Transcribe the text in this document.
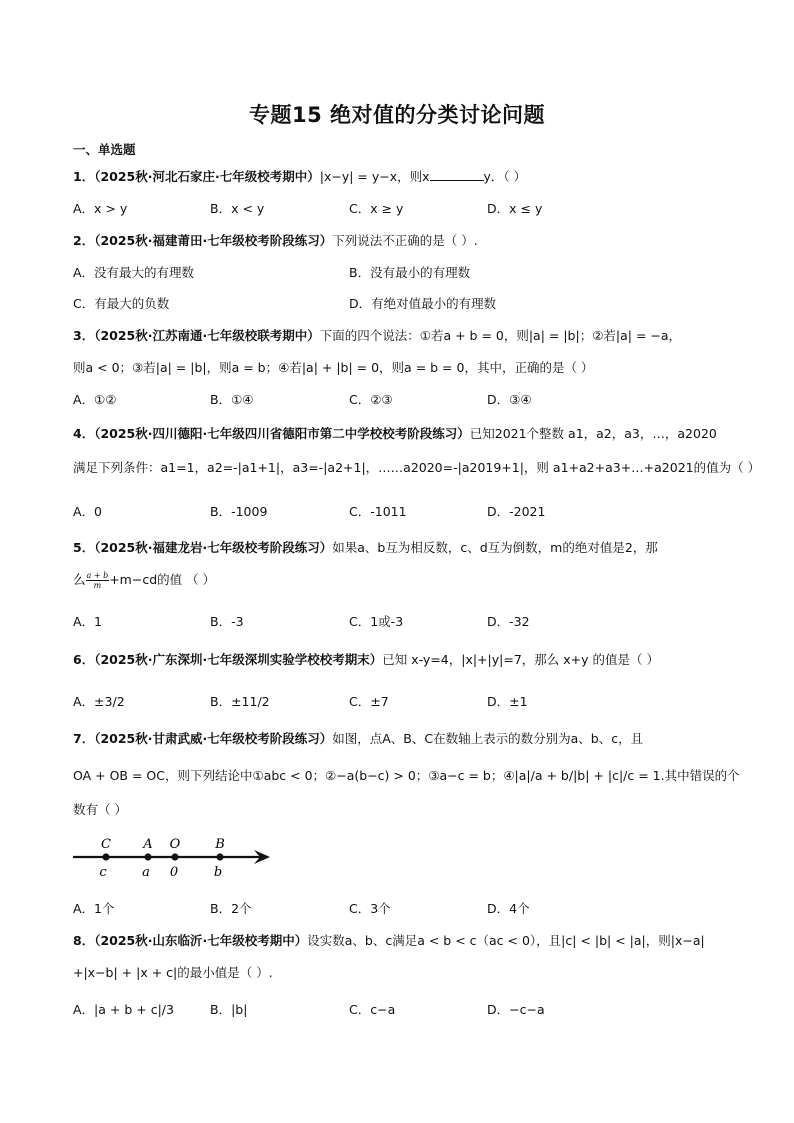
专题15 绝对值的分类讨论问题
一、单选题
1．（2025秋·河北石家庄·七年级校考期中）|x−y| = y−x，则x	y．（ ）
A．x > y	B．x < y	C．x ≥ y	D．x ≤ y
2．（2025秋·福建莆田·七年级校考阶段练习）下列说法不正确的是（ ）.
A．没有最大的有理数	B．没有最小的有理数
C．有最大的负数	D．有绝对值最小的有理数
3．（2025秋·江苏南通·七年级校联考期中）下面的四个说法：①若a + b = 0，则|a| = |b|；②若|a| = −a，
则a < 0；③若|a| = |b|，则a = b；④若|a| + |b| = 0，则a = b = 0，其中，正确的是（ ）
A．①②	B．①④	C．②③	D．③④
4．（2025秋·四川德阳·七年级四川省德阳市第二中学校校考阶段练习）已知2021个整数 a1，a2，a3，…，a2020
满足下列条件：a1=1，a2=-|a1+1|，a3=-|a2+1|，……a2020=-|a2019+1|，则 a1+a2+a3+…+a2021的值为（ ）
A．0	B．-1009	C．-1011	D．-2021
5．（2025秋·福建龙岩·七年级校考阶段练习）如果a、b互为相反数，c、d互为倒数，m的绝对值是2，那
么 $\frac{a + b}{m} +m-cd$的值 （ ）
A．1	B．-3	C．1或-3	D．-32
6．（2025秋·广东深圳·七年级深圳实验学校校考期末）已知 x-y=4，|x|+|y|=7，那么 x+y 的值是（ ）
A．±3/2	B．±11/2	C．±7	D．±1
7．（2025秋·甘肃武威·七年级校考阶段练习）如图，点A、B、C在数轴上表示的数分别为a、b、c，且
OA + OB = OC，则下列结论中①abc < 0；②−a(b−c) > 0；③a−c = b；④|a|/a + b/|b| + |c|/c = 1.其中错误的个
数有（ ）
C A O	B
c	a 0	b
A．1个	B．2个	C．3个	D．4个
8．（2025秋·山东临沂·七年级校考期中）设实数a、b、c满足a < b < c（ac < 0），且|c| < |b| < |a|，则|x−a|
+|x−b| + |x + c|的最小值是（ ）.
A．|a + b + c|/3	B．|b|	C．c−a	D．−c−a
